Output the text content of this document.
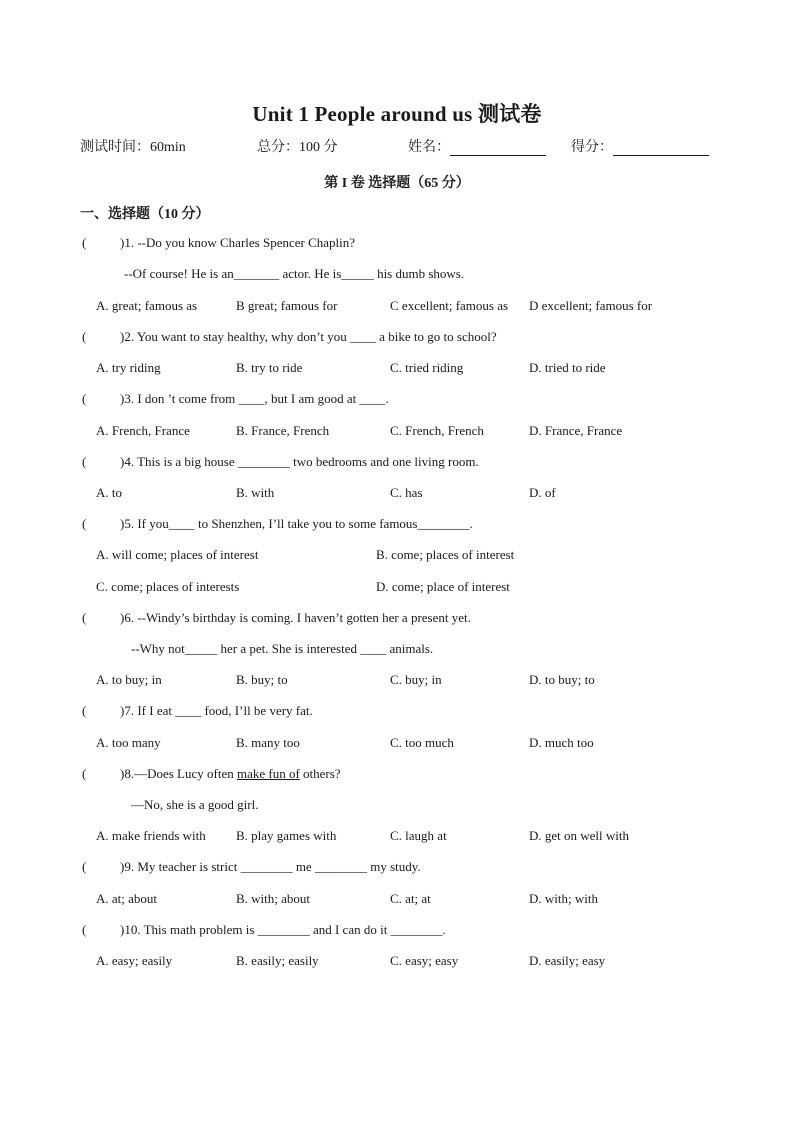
Unit 1 People around us 测试卷
测试时间：60min	总分：100 分	姓名：	得分：
第 I 卷 选择题（65 分）
一、选择题（10 分）
(	)1. --Do you know Charles Spencer Chaplin?
--Of course! He is an_______ actor. He is_____ his dumb shows.
A. great; famous as	B great; famous for	C excellent; famous as D excellent; famous for
(	)2. You want to stay healthy, why don’t you ____ a bike to go to school?
A. try riding	B. try to ride	C. tried riding	D. tried to ride
(	)3. I don ’t come from ____, but I am good at ____.
A. French, France	B. France, French	C. French, French	D. France, France
(	)4. This is a big house ________ two bedrooms and one living room.
A. to	B. with	C. has	D. of
(	)5. If you____ to Shenzhen, I’ll take you to some famous________.
A. will come; places of interest	B. come; places of interest
C. come; places of interests	D. come; place of interest
(	)6. --Windy’s birthday is coming. I haven’t gotten her a present yet.
--Why not_____ her a pet. She is interested ____ animals.
A. to buy; in	B. buy; to	C. buy; in	D. to buy; to
(	)7. If I eat ____ food, I’ll be very fat.
A. too many	B. many too	C. too much	D. much too
(	)8.—Does Lucy often make fun of others?
—No, she is a good girl.
A. make friends with B. play games with	C. laugh at	D. get on well with
(	)9. My teacher is strict ________ me ________ my study.
A. at; about	B. with; about	C. at; at	D. with; with
(	)10. This math problem is ________ and I can do it ________.
A. easy; easily	B. easily; easily	C. easy; easy	D. easily; easy
